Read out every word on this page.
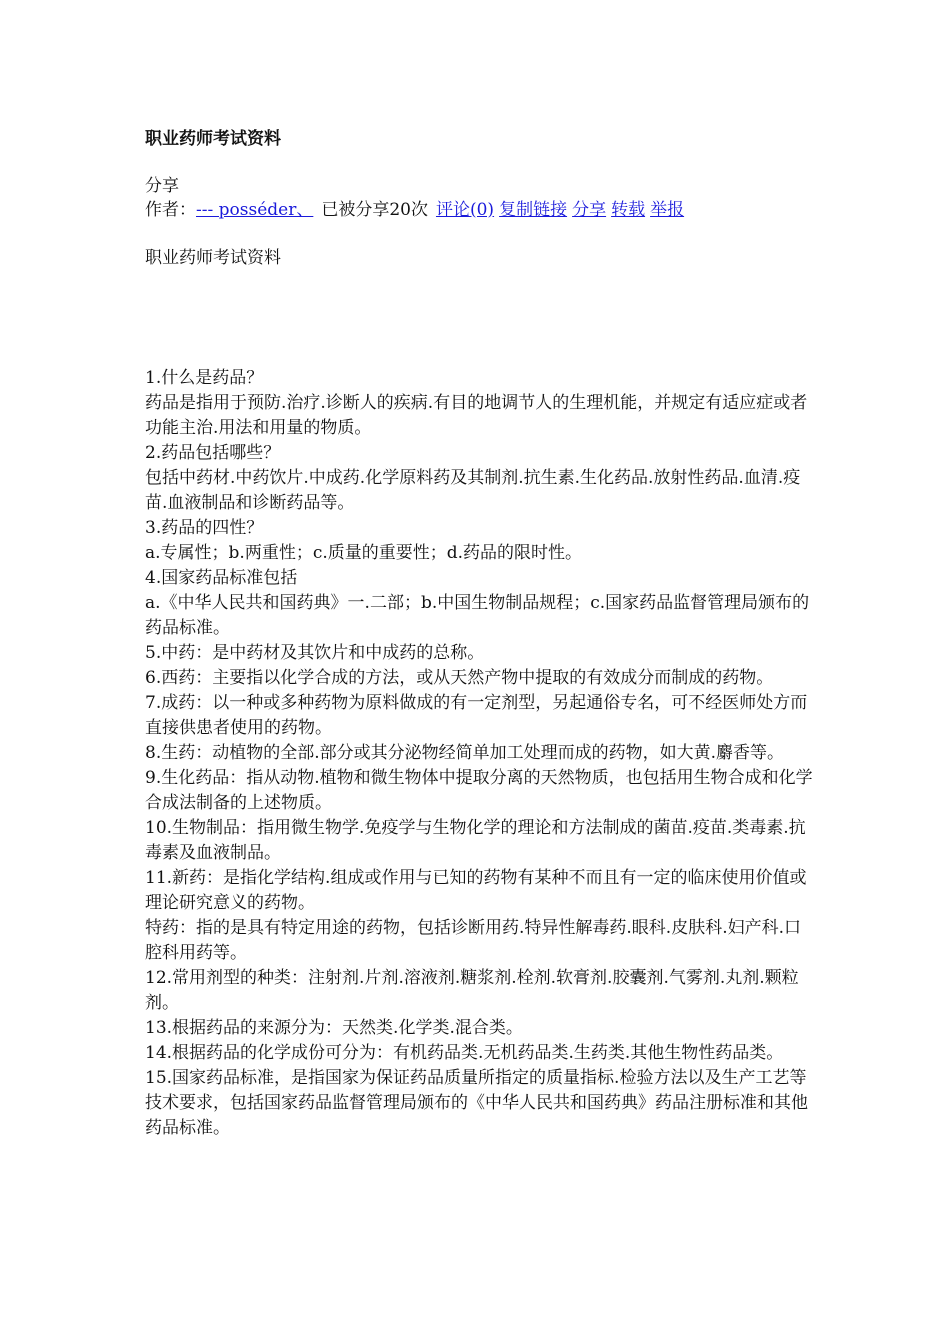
职业药师考试资料
分享
作者：--- posséder、 已被分享20次 评论(0) 复制链接 分享 转载 举报
职业药师考试资料

1.什么是药品？

药品是指用于预防.治疗.诊断人的疾病.有目的地调节人的生理机能，并规定有适应症或者功能主治.用法和用量的物质。

2.药品包括哪些？

包括中药材.中药饮片.中成药.化学原料药及其制剂.抗生素.生化药品.放射性药品.血清.疫苗.血液制品和诊断药品等。

3.药品的四性？

a.专属性；b.两重性；c.质量的重要性；d.药品的限时性。

4.国家药品标准包括

a.《中华人民共和国药典》一.二部；b.中国生物制品规程；c.国家药品监督管理局颁布的药品标准。

5.中药：是中药材及其饮片和中成药的总称。

6.西药：主要指以化学合成的方法，或从天然产物中提取的有效成分而制成的药物。

7.成药：以一种或多种药物为原料做成的有一定剂型，另起通俗专名，可不经医师处方而直接供患者使用的药物。

8.生药：动植物的全部.部分或其分泌物经简单加工处理而成的药物，如大黄.麝香等。

9.生化药品：指从动物.植物和微生物体中提取分离的天然物质，也包括用生物合成和化学合成法制备的上述物质。

10.生物制品：指用微生物学.免疫学与生物化学的理论和方法制成的菌苗.疫苗.类毒素.抗毒素及血液制品。

11.新药：是指化学结构.组成或作用与已知的药物有某种不而且有一定的临床使用价值或理论研究意义的药物。

特药：指的是具有特定用途的药物，包括诊断用药.特异性解毒药.眼科.皮肤科.妇产科.口腔科用药等。

12.常用剂型的种类：注射剂.片剂.溶液剂.糖浆剂.栓剂.软膏剂.胶囊剂.气雾剂.丸剂.颗粒剂。

13.根据药品的来源分为：天然类.化学类.混合类。

14.根据药品的化学成份可分为：有机药品类.无机药品类.生药类.其他生物性药品类。

15.国家药品标准，是指国家为保证药品质量所指定的质量指标.检验方法以及生产工艺等技术要求，包括国家药品监督管理局颁布的《中华人民共和国药典》药品注册标准和其他药品标准。
